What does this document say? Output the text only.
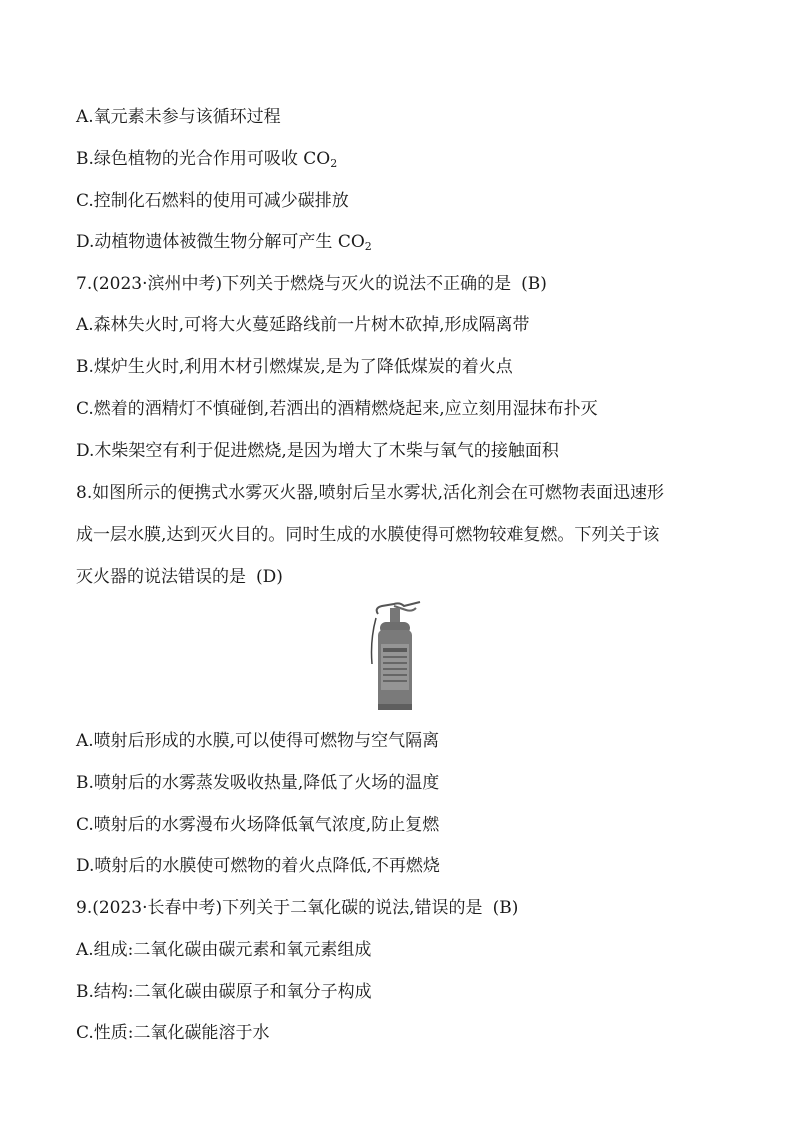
A.氧元素未参与该循环过程
B.绿色植物的光合作用可吸收 $CO_2$
C.控制化石燃料的使用可减少碳排放
D.动植物遗体被微生物分解可产生 $CO_2$
7.(2023·滨州中考)下列关于燃烧与灭火的说法不正确的是 (B)
A.森林失火时,可将大火蔓延路线前一片树木砍掉,形成隔离带
B.煤炉生火时,利用木材引燃煤炭,是为了降低煤炭的着火点
C.燃着的酒精灯不慎碰倒,若洒出的酒精燃烧起来,应立刻用湿抹布扑灭
D.木柴架空有利于促进燃烧,是因为增大了木柴与氧气的接触面积
8.如图所示的便携式水雾灭火器,喷射后呈水雾状,活化剂会在可燃物表面迅速形
成一层水膜,达到灭火目的。同时生成的水膜使得可燃物较难复燃。下列关于该
灭火器的说法错误的是 (D)
A.喷射后形成的水膜,可以使得可燃物与空气隔离
B.喷射后的水雾蒸发吸收热量,降低了火场的温度
C.喷射后的水雾漫布火场降低氧气浓度,防止复燃
D.喷射后的水膜使可燃物的着火点降低,不再燃烧
9.(2023·长春中考)下列关于二氧化碳的说法,错误的是 (B)
A.组成:二氧化碳由碳元素和氧元素组成
B.结构:二氧化碳由碳原子和氧分子构成
C.性质:二氧化碳能溶于水
